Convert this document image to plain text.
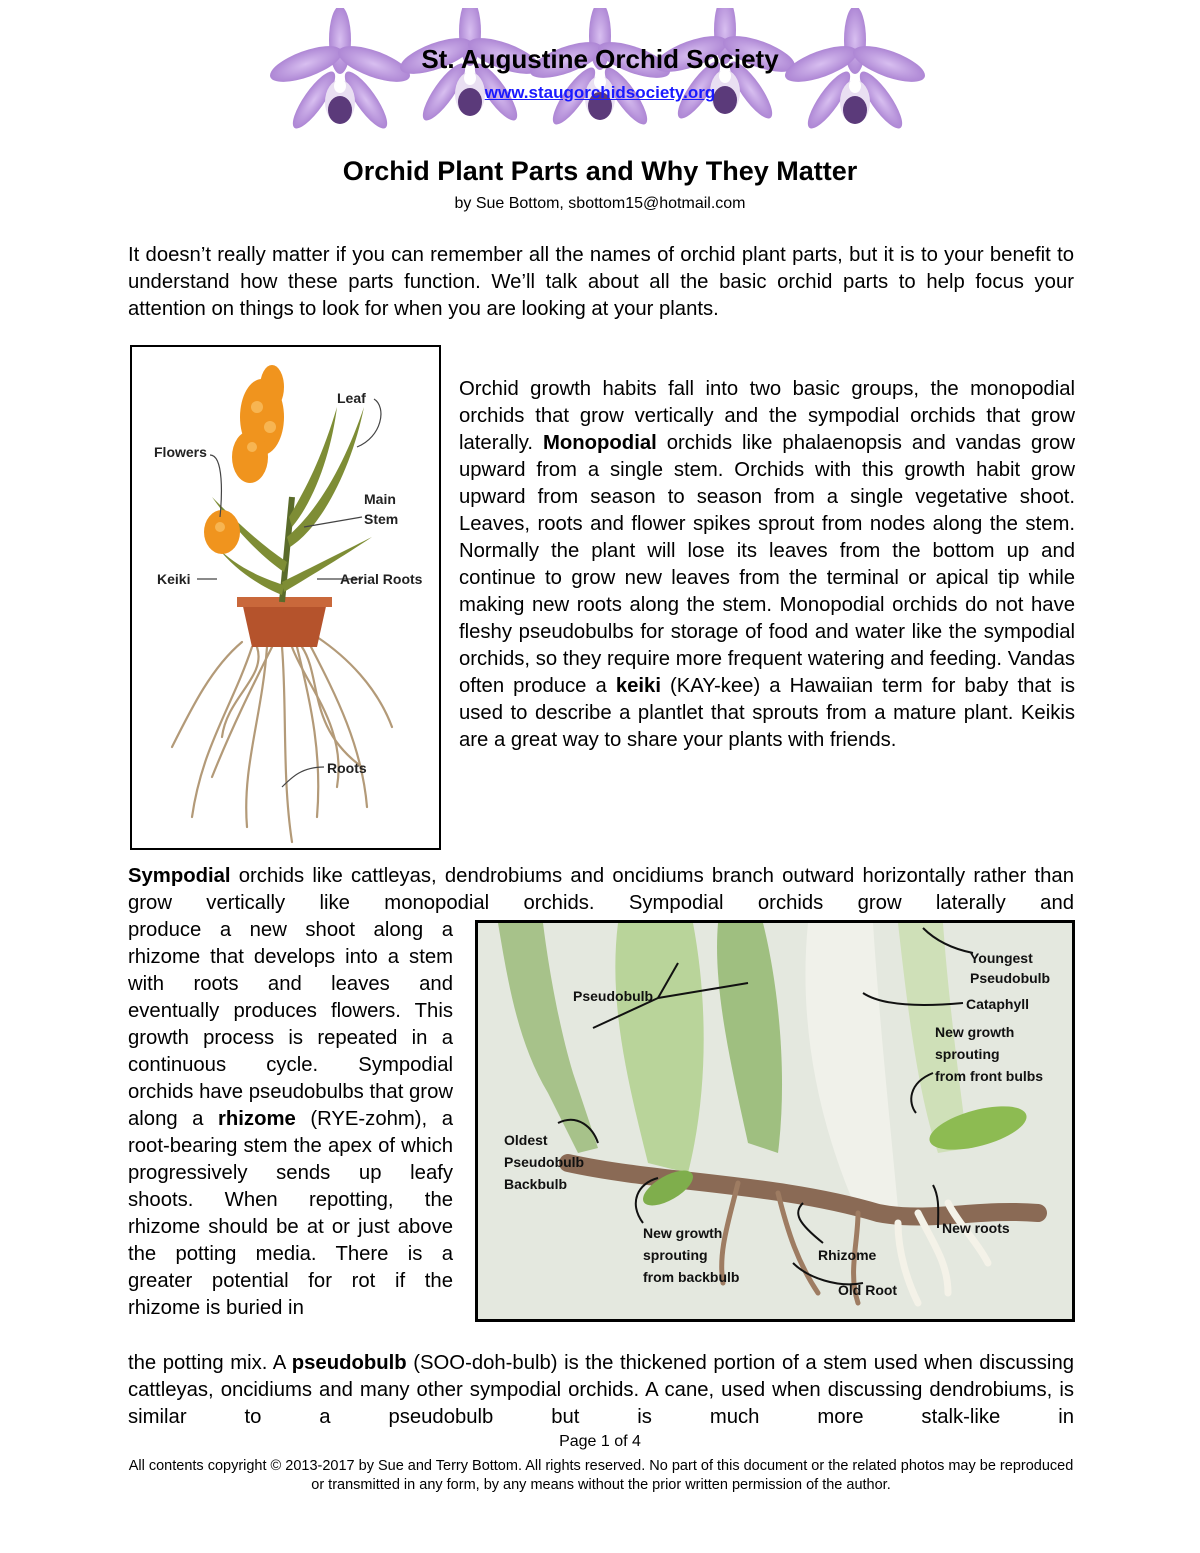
St. Augustine Orchid Society
www.staugorchidsociety.org
Orchid Plant Parts and Why They Matter
by Sue Bottom, sbottom15@hotmail.com

It doesn’t really matter if you can remember all the names of orchid plant parts, but it is to your benefit to understand how these parts function. We’ll talk about all the basic orchid parts to help focus your attention on things to look for when you are looking at your plants.

Leaf
Flowers
Main
Stem
Keiki	Aerial Roots
Roots
Orchid growth habits fall into two basic groups, the monopodial orchids that grow vertically and the sympodial orchids that grow laterally. Monopodial orchids like phalaenopsis and vandas grow upward from a single stem. Orchids with this growth habit grow upward from season to season from a single vegetative shoot. Leaves, roots and flower spikes sprout from nodes along the stem. Normally the plant will lose its leaves from the bottom up and continue to grow new leaves from the terminal or apical tip while making new roots along the stem. Monopodial orchids do not have fleshy pseudobulbs for storage of food and water like the sympodial orchids, so they require more frequent watering and feeding. Vandas often produce a keiki (KAY-kee) a Hawaiian term for baby that is used to describe a plantlet that sprouts from a mature plant. Keikis are a great way to share your plants with friends.
Sympodial orchids like cattleyas, dendrobiums and oncidiums branch outward horizontally rather than grow vertically like monopodial orchids. Sympodial orchids grow laterally and
produce a new shoot along a rhizome that develops into a stem with roots and leaves and eventually produces flowers. This growth process is repeated in a continuous cycle. Sympodial orchids have pseudobulbs that grow along a rhizome (RYE-zohm), a root-bearing stem the apex of which progressively sends up leafy shoots. When repotting, the rhizome should be at or just above the potting media. There is a greater potential for rot if the rhizome is buried in
Pseudobulb
Youngest
Pseudobulb
Cataphyll
New growth
sprouting
from front bulbs
Oldest
Pseudobulb
Backbulb
New growth
sprouting
from backbulb
Rhizome
New roots
Old Root
the potting mix. A pseudobulb (SOO-doh-bulb) is the thickened portion of a stem used when discussing cattleyas, oncidiums and many other sympodial orchids. A cane, used when discussing dendrobiums, is similar to a pseudobulb but is much more stalk-like in
Page 1 of 4
All contents copyright © 2013-2017 by Sue and Terry Bottom. All rights reserved. No part of this document or the related photos may be reproduced or transmitted in any form, by any means without the prior written permission of the author.
